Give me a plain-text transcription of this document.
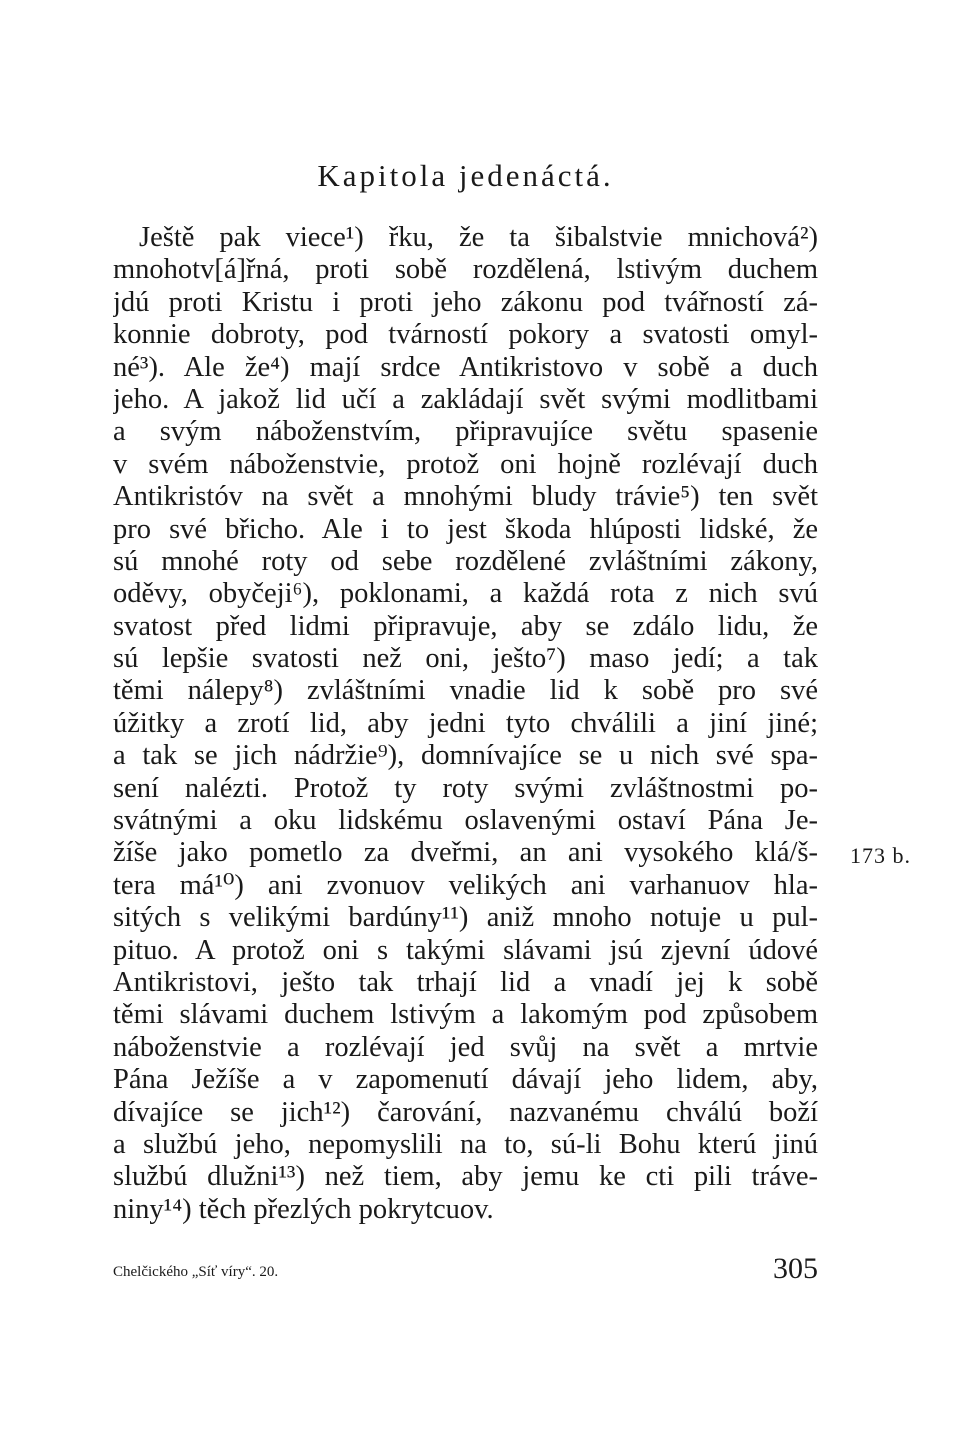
Kapitola jedenáctá.
Ještě pak viece¹) řku, že ta šibalstvie mnichová²)
mnohotv[á]řná, proti sobě rozdělená, lstivým duchem
jdú proti Kristu i proti jeho zákonu pod tvářností zá-
konnie dobroty, pod tvárností pokory a svatosti omyl-
né³). Ale že⁴) mají srdce Antikristovo v sobě a duch
jeho. A jakož lid učí a zakládají svět svými modlitbami
a svým náboženstvím, připravujíce světu spasenie
v svém náboženstvie, protož oni hojně rozlévají duch
Antikristóv na svět a mnohými bludy trávie⁵) ten svět
pro své břicho. Ale i to jest škoda hlúposti lidské, že
sú mnohé roty od sebe rozdělené zvláštními zákony,
oděvy, obyčeji⁶), poklonami, a každá rota z nich svú
svatost před lidmi připravuje, aby se zdálo lidu, že
sú lepšie svatosti než oni, ješto⁷) maso jedí; a tak
těmi nálepy⁸) zvláštními vnadie lid k sobě pro své
úžitky a zrotí lid, aby jedni tyto chválili a jiní jiné;
a tak se jich nádržie⁹), domnívajíce se u nich své spa-
sení nalézti. Protož ty roty svými zvláštnostmi po-
svátnými a oku lidskému oslavenými ostaví Pána Je-
žíše jako pometlo za dveřmi, an ani vysokého klá/š-
tera má¹⁰) ani zvonuov velikých ani varhanuov hla-
sitých s velikými bardúny¹¹) aniž mnoho notuje u pul-
pituo. A protož oni s takými slávami jsú zjevní údové
Antikristovi, ješto tak trhají lid a vnadí jej k sobě
těmi slávami duchem lstivým a lakomým pod způsobem
náboženstvie a rozlévají jed svůj na svět a mrtvie
Pána Ježíše a v zapomenutí dávají jeho lidem, aby,
dívajíce se jich¹²) čarování, nazvanému chválú boží
a službú jeho, nepomyslili na to, sú-li Bohu kterú jinú
službú dlužni¹³) než tiem, aby jemu ke cti pili tráve-
niny¹⁴) těch přezlých pokrytcuov.
173 b.
Chelčického „Síť víry“. 20.	305
